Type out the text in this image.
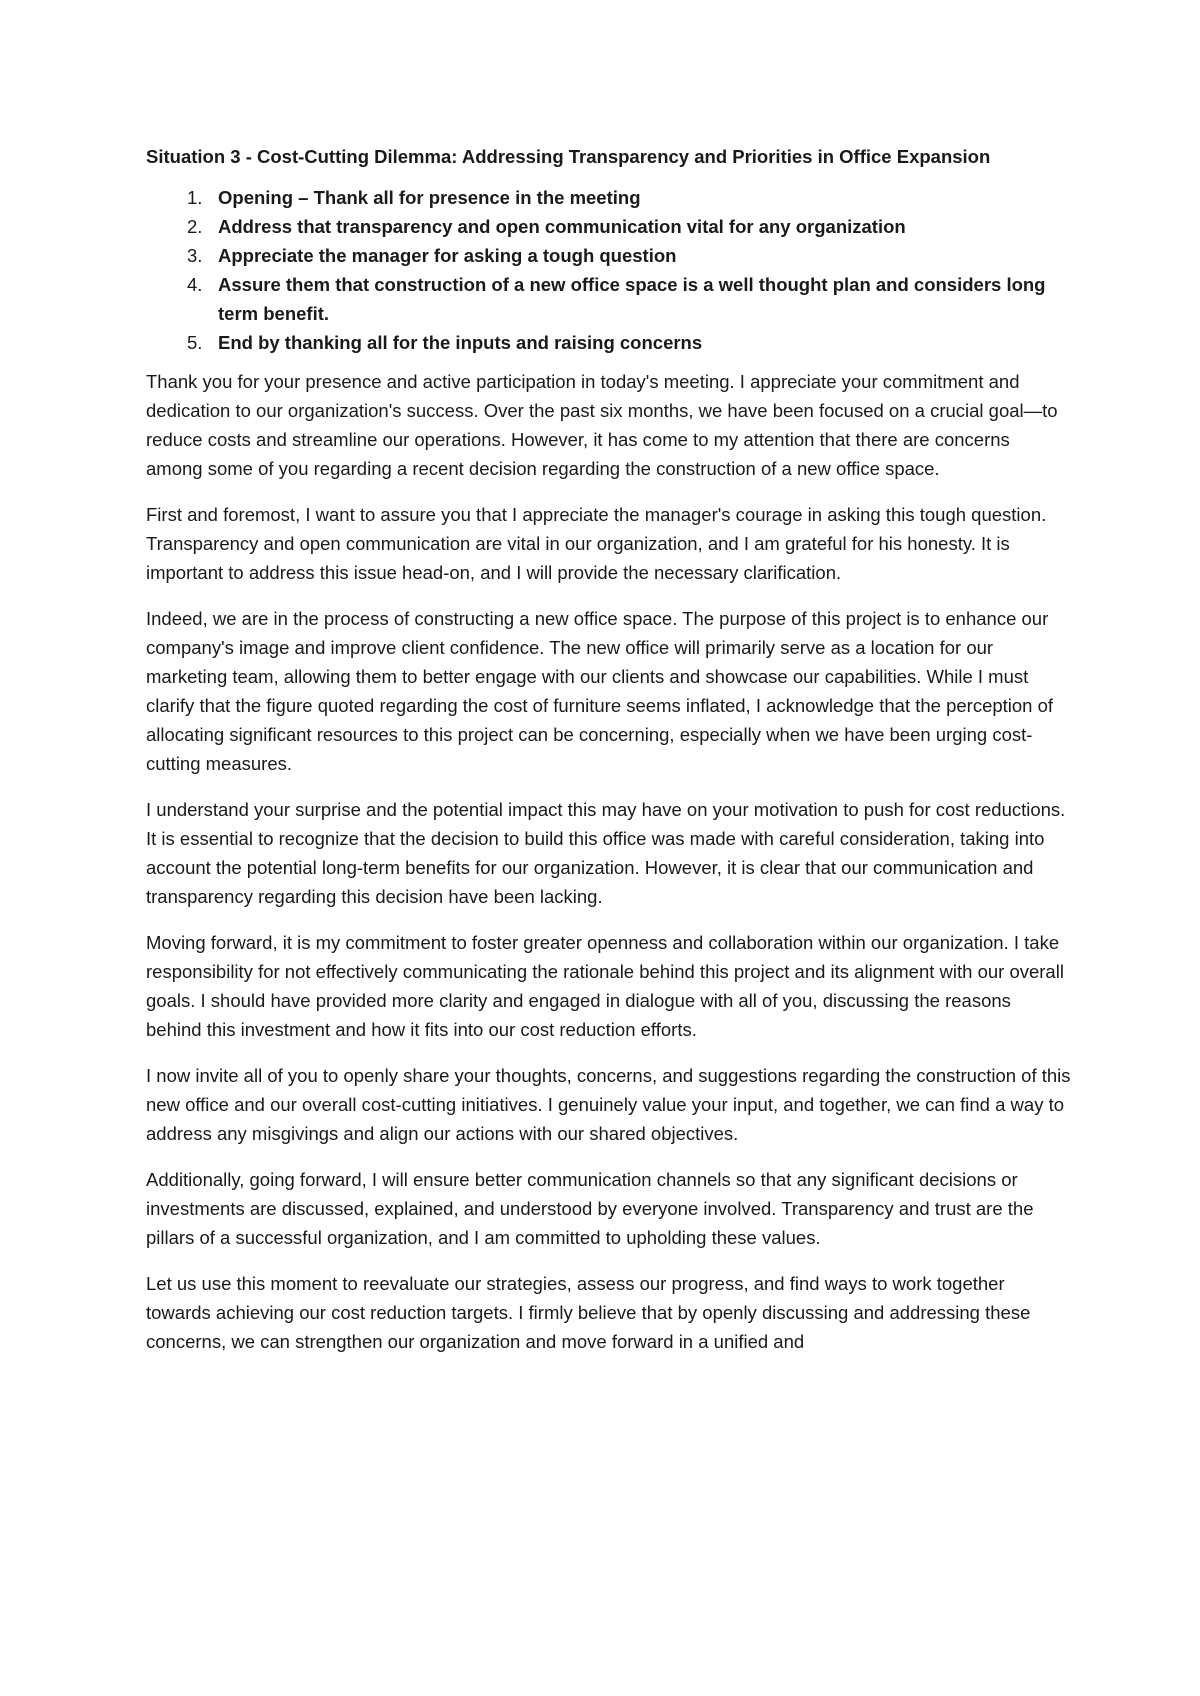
Situation 3 - Cost-Cutting Dilemma: Addressing Transparency and Priorities in Office Expansion
1. Opening – Thank all for presence in the meeting
2. Address that transparency and open communication vital for any organization
3. Appreciate the manager for asking a tough question
4. Assure them that construction of a new office space is a well thought plan and considers long term benefit.
5. End by thanking all for the inputs and raising concerns

Thank you for your presence and active participation in today's meeting. I appreciate your commitment and dedication to our organization's success. Over the past six months, we have been focused on a crucial goal—to reduce costs and streamline our operations. However, it has come to my attention that there are concerns among some of you regarding a recent decision regarding the construction of a new office space.

First and foremost, I want to assure you that I appreciate the manager's courage in asking this tough question. Transparency and open communication are vital in our organization, and I am grateful for his honesty. It is important to address this issue head-on, and I will provide the necessary clarification.

Indeed, we are in the process of constructing a new office space. The purpose of this project is to enhance our company's image and improve client confidence. The new office will primarily serve as a location for our marketing team, allowing them to better engage with our clients and showcase our capabilities. While I must clarify that the figure quoted regarding the cost of furniture seems inflated, I acknowledge that the perception of allocating significant resources to this project can be concerning, especially when we have been urging cost-cutting measures.

I understand your surprise and the potential impact this may have on your motivation to push for cost reductions. It is essential to recognize that the decision to build this office was made with careful consideration, taking into account the potential long-term benefits for our organization. However, it is clear that our communication and transparency regarding this decision have been lacking.

Moving forward, it is my commitment to foster greater openness and collaboration within our organization. I take responsibility for not effectively communicating the rationale behind this project and its alignment with our overall goals. I should have provided more clarity and engaged in dialogue with all of you, discussing the reasons behind this investment and how it fits into our cost reduction efforts.

I now invite all of you to openly share your thoughts, concerns, and suggestions regarding the construction of this new office and our overall cost-cutting initiatives. I genuinely value your input, and together, we can find a way to address any misgivings and align our actions with our shared objectives.

Additionally, going forward, I will ensure better communication channels so that any significant decisions or investments are discussed, explained, and understood by everyone involved. Transparency and trust are the pillars of a successful organization, and I am committed to upholding these values.

Let us use this moment to reevaluate our strategies, assess our progress, and find ways to work together towards achieving our cost reduction targets. I firmly believe that by openly discussing and addressing these concerns, we can strengthen our organization and move forward in a unified and
